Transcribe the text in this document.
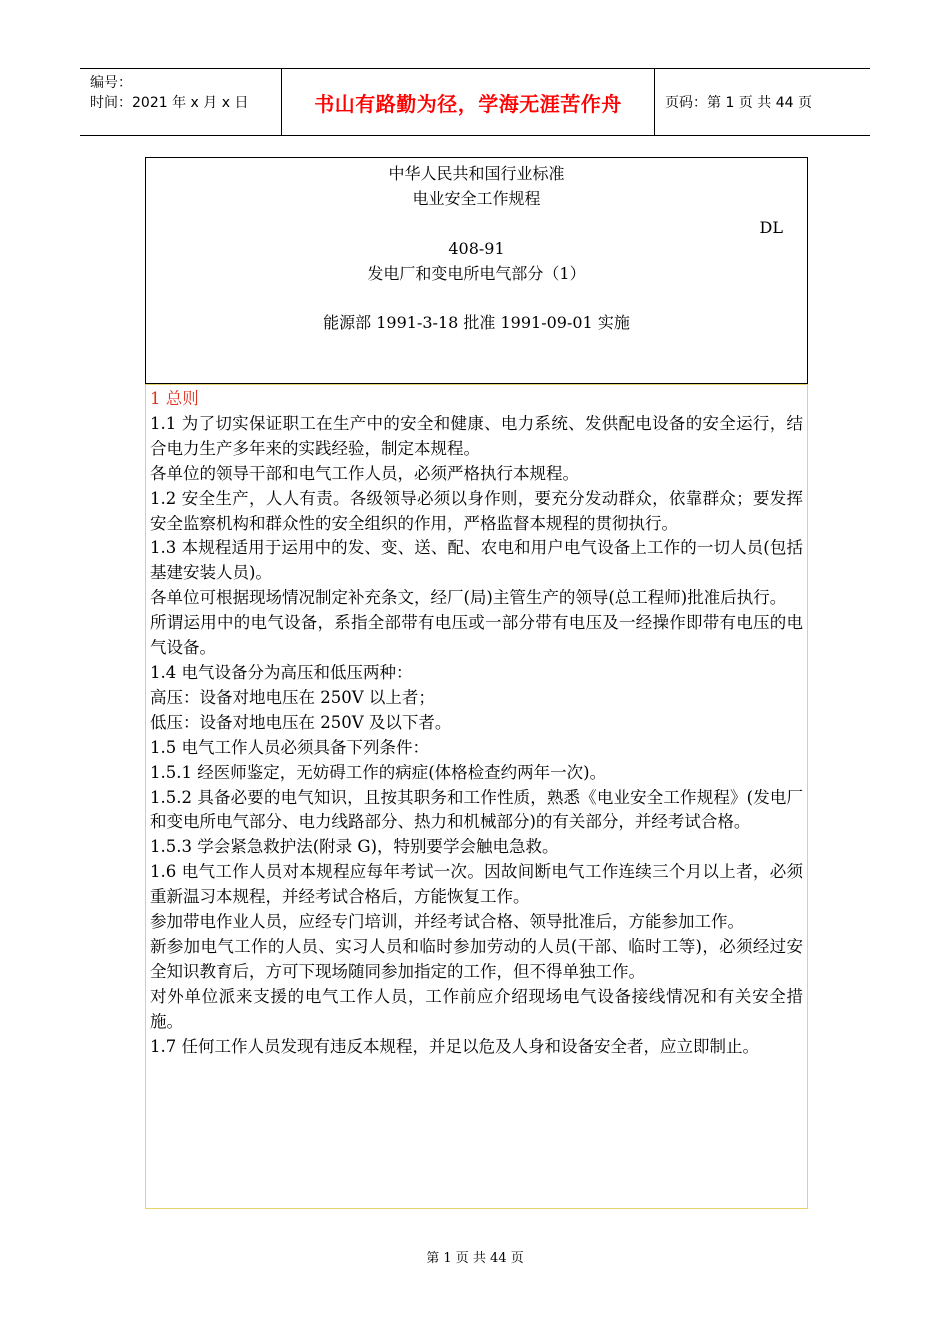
编号：
时间：2021 年 x 月 x 日	书山有路勤为径，学海无涯苦作舟	页码：第 1 页 共 44 页
中华人民共和国行业标准
电业安全工作规程
DL
408-91
发电厂和变电所电气部分（1）
能源部 1991-3-18 批准 1991-09-01 实施

1 总则

1.1 为了切实保证职工在生产中的安全和健康、电力系统、发供配电设备的安全运行，结合电力生产多年来的实践经验，制定本规程。

各单位的领导干部和电气工作人员，必须严格执行本规程。

1.2 安全生产，人人有责。各级领导必须以身作则，要充分发动群众，依靠群众；要发挥安全监察机构和群众性的安全组织的作用，严格监督本规程的贯彻执行。

1.3 本规程适用于运用中的发、变、送、配、农电和用户电气设备上工作的一切人员(包括基建安装人员)。

各单位可根据现场情况制定补充条文，经厂(局)主管生产的领导(总工程师)批准后执行。

所谓运用中的电气设备，系指全部带有电压或一部分带有电压及一经操作即带有电压的电气设备。

1.4 电气设备分为高压和低压两种：

高压：设备对地电压在 250V 以上者；

低压：设备对地电压在 250V 及以下者。

1.5 电气工作人员必须具备下列条件：

1.5.1 经医师鉴定，无妨碍工作的病症(体格检查约两年一次)。

1.5.2 具备必要的电气知识，且按其职务和工作性质，熟悉《电业安全工作规程》(发电厂和变电所电气部分、电力线路部分、热力和机械部分)的有关部分，并经考试合格。

1.5.3 学会紧急救护法(附录 G)，特别要学会触电急救。

1.6 电气工作人员对本规程应每年考试一次。因故间断电气工作连续三个月以上者，必须重新温习本规程，并经考试合格后，方能恢复工作。

参加带电作业人员，应经专门培训，并经考试合格、领导批准后，方能参加工作。

新参加电气工作的人员、实习人员和临时参加劳动的人员(干部、临时工等)，必须经过安全知识教育后，方可下现场随同参加指定的工作，但不得单独工作。

对外单位派来支援的电气工作人员，工作前应介绍现场电气设备接线情况和有关安全措施。

1.7 任何工作人员发现有违反本规程，并足以危及人身和设备安全者，应立即制止。

第 1 页 共 44 页
